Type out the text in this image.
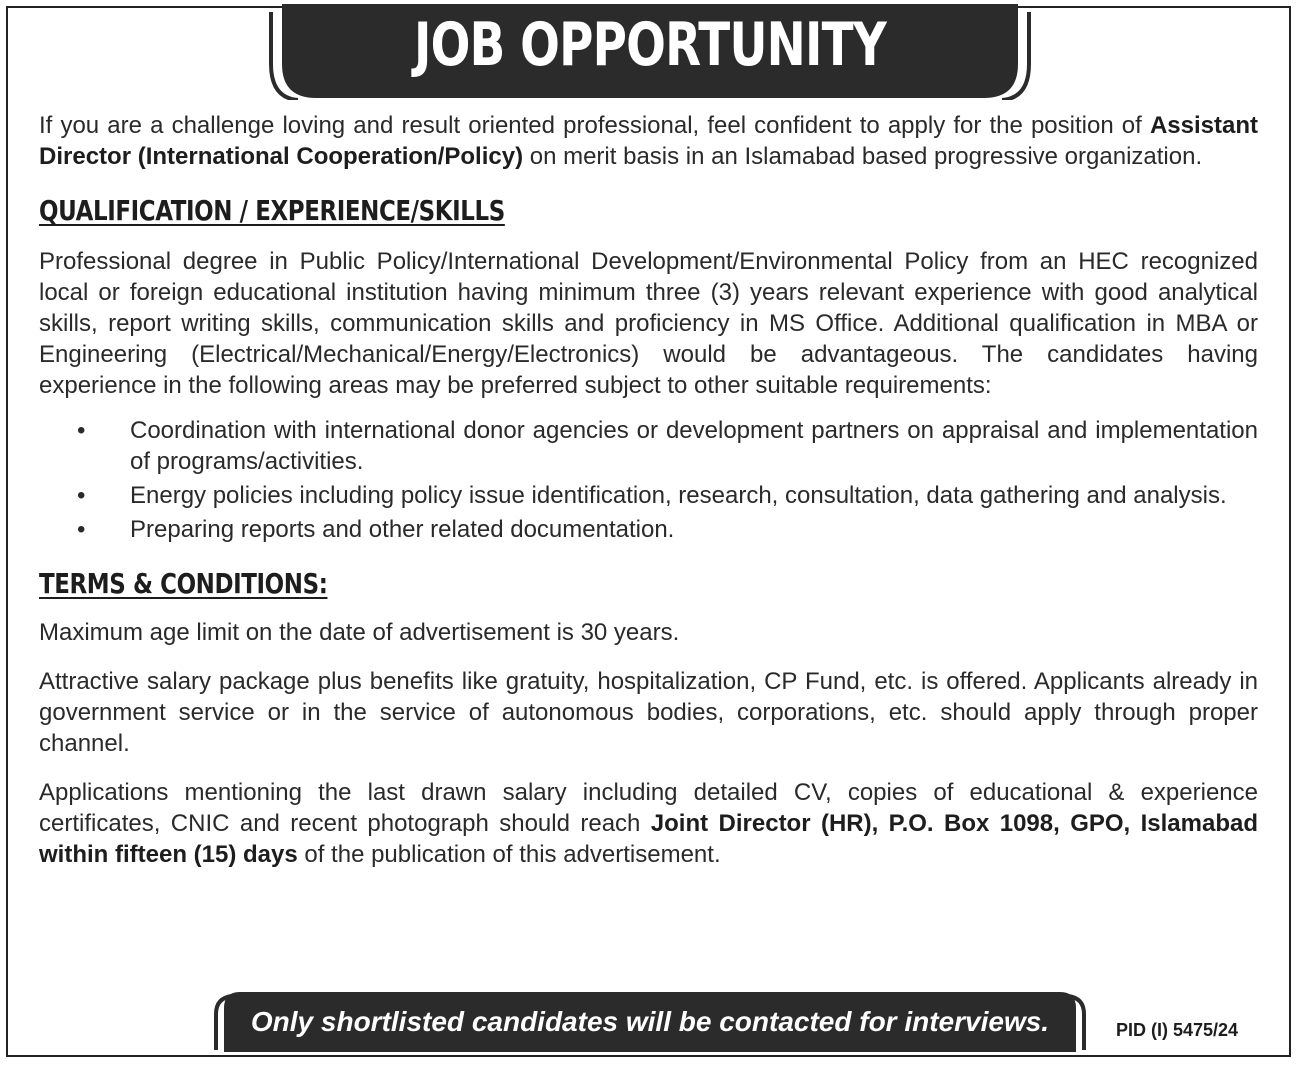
JOB OPPORTUNITY

If you are a challenge loving and result oriented professional, feel confident to apply for the position of Assistant Director (International Cooperation/Policy) on merit basis in an Islamabad based progressive organization.

QUALIFICATION / EXPERIENCE/SKILLS

Professional degree in Public Policy/International Development/Environmental Policy from an HEC recognized local or foreign educational institution having minimum three (3) years relevant experience with good analytical skills, report writing skills, communication skills and proficiency in MS Office. Additional qualification in MBA or Engineering (Electrical/Mechanical/Energy/Electronics) would be advantageous. The candidates having experience in the following areas may be preferred subject to other suitable requirements:

• Coordination with international donor agencies or development partners on appraisal and implementation of programs/activities.
• Energy policies including policy issue identification, research, consultation, data gathering and analysis.
• Preparing reports and other related documentation.
TERMS & CONDITIONS:

Maximum age limit on the date of advertisement is 30 years.

Attractive salary package plus benefits like gratuity, hospitalization, CP Fund, etc. is offered. Applicants already in government service or in the service of autonomous bodies, corporations, etc. should apply through proper channel.

Applications mentioning the last drawn salary including detailed CV, copies of educational & experience certificates, CNIC and recent photograph should reach Joint Director (HR), P.O. Box 1098, GPO, Islamabad within fifteen (15) days of the publication of this advertisement.

Only shortlisted candidates will be contacted for interviews.	PID (I) 5475/24
